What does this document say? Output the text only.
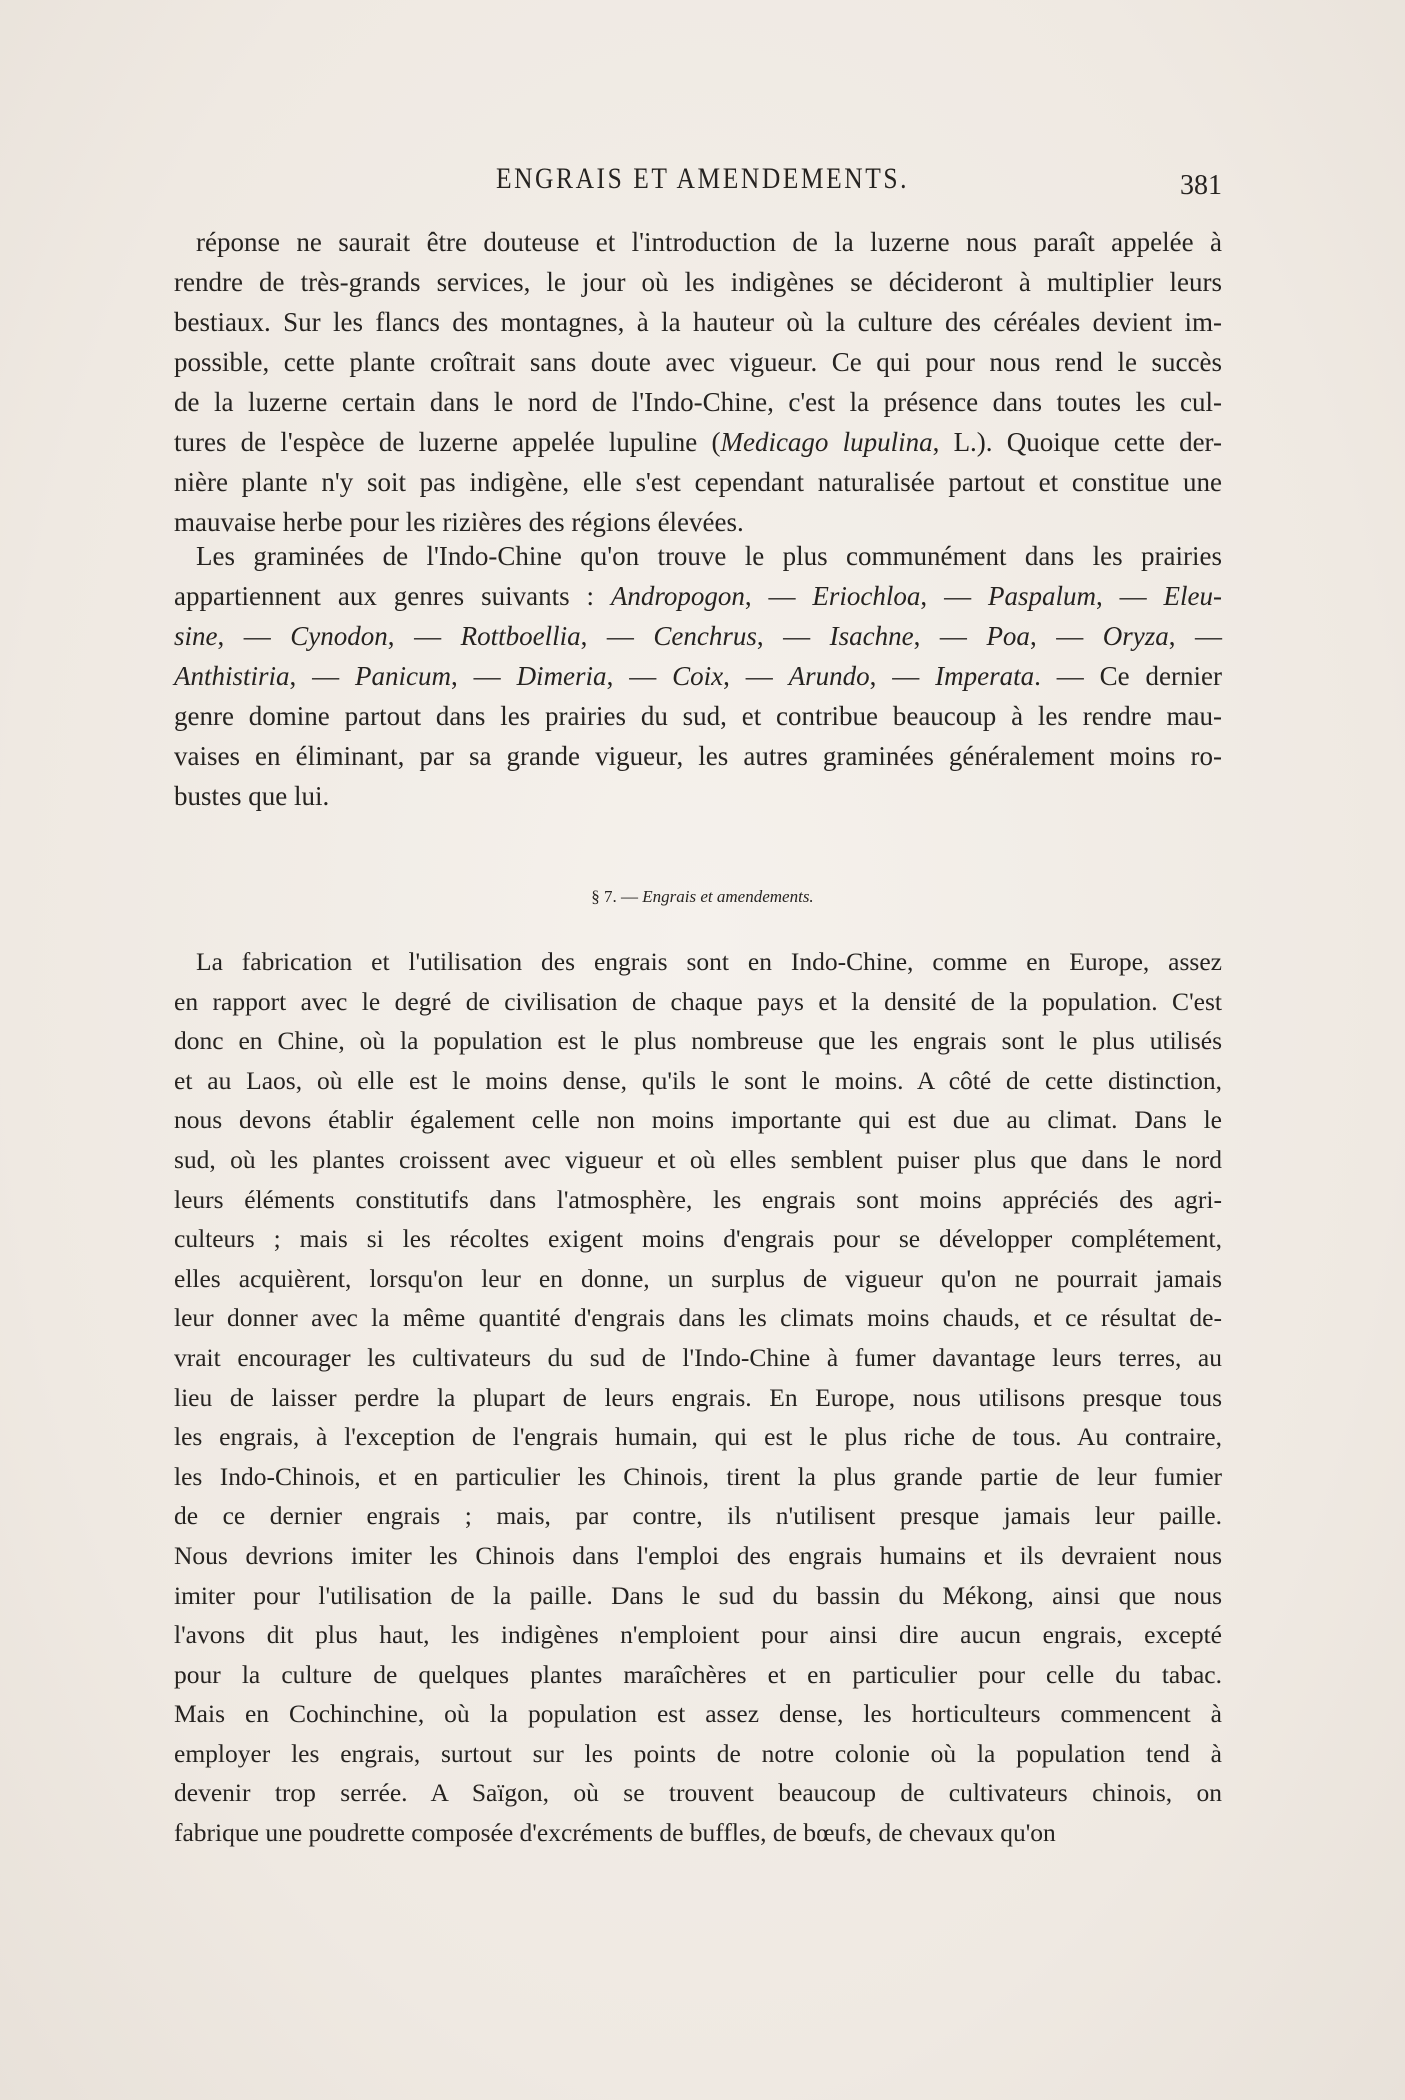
ENGRAIS ET AMENDEMENTS.	381
réponse ne saurait être douteuse et l'introduction de la luzerne nous paraît appelée à
rendre de très-grands services, le jour où les indigènes se décideront à multiplier leurs
bestiaux. Sur les flancs des montagnes, à la hauteur où la culture des céréales devient im-
possible, cette plante croîtrait sans doute avec vigueur. Ce qui pour nous rend le succès
de la luzerne certain dans le nord de l'Indo-Chine, c'est la présence dans toutes les cul-
tures de l'espèce de luzerne appelée lupuline (Medicago lupulina, L.). Quoique cette der-
nière plante n'y soit pas indigène, elle s'est cependant naturalisée partout et constitue une
mauvaise herbe pour les rizières des régions élevées.
Les graminées de l'Indo-Chine qu'on trouve le plus communément dans les prairies
appartiennent aux genres suivants : Andropogon, — Eriochloa, — Paspalum, — Eleu-
sine, — Cynodon, — Rottboellia, — Cenchrus, — Isachne, — Poa, — Oryza, —
Anthistiria, — Panicum, — Dimeria, — Coix, — Arundo, — Imperata. — Ce dernier
genre domine partout dans les prairies du sud, et contribue beaucoup à les rendre mau-
vaises en éliminant, par sa grande vigueur, les autres graminées généralement moins ro-
bustes que lui.
§ 7. — Engrais et amendements.
La fabrication et l'utilisation des engrais sont en Indo-Chine, comme en Europe, assez
en rapport avec le degré de civilisation de chaque pays et la densité de la population. C'est
donc en Chine, où la population est le plus nombreuse que les engrais sont le plus utilisés
et au Laos, où elle est le moins dense, qu'ils le sont le moins. A côté de cette distinction,
nous devons établir également celle non moins importante qui est due au climat. Dans le
sud, où les plantes croissent avec vigueur et où elles semblent puiser plus que dans le nord
leurs éléments constitutifs dans l'atmosphère, les engrais sont moins appréciés des agri-
culteurs ; mais si les récoltes exigent moins d'engrais pour se développer complétement,
elles acquièrent, lorsqu'on leur en donne, un surplus de vigueur qu'on ne pourrait jamais
leur donner avec la même quantité d'engrais dans les climats moins chauds, et ce résultat de-
vrait encourager les cultivateurs du sud de l'Indo-Chine à fumer davantage leurs terres, au
lieu de laisser perdre la plupart de leurs engrais. En Europe, nous utilisons presque tous
les engrais, à l'exception de l'engrais humain, qui est le plus riche de tous. Au contraire,
les Indo-Chinois, et en particulier les Chinois, tirent la plus grande partie de leur fumier
de ce dernier engrais ; mais, par contre, ils n'utilisent presque jamais leur paille.
Nous devrions imiter les Chinois dans l'emploi des engrais humains et ils devraient nous
imiter pour l'utilisation de la paille. Dans le sud du bassin du Mékong, ainsi que nous
l'avons dit plus haut, les indigènes n'emploient pour ainsi dire aucun engrais, excepté
pour la culture de quelques plantes maraîchères et en particulier pour celle du tabac.
Mais en Cochinchine, où la population est assez dense, les horticulteurs commencent à
employer les engrais, surtout sur les points de notre colonie où la population tend à
devenir trop serrée. A Saïgon, où se trouvent beaucoup de cultivateurs chinois, on
fabrique une poudrette composée d'excréments de buffles, de bœufs, de chevaux qu'on
